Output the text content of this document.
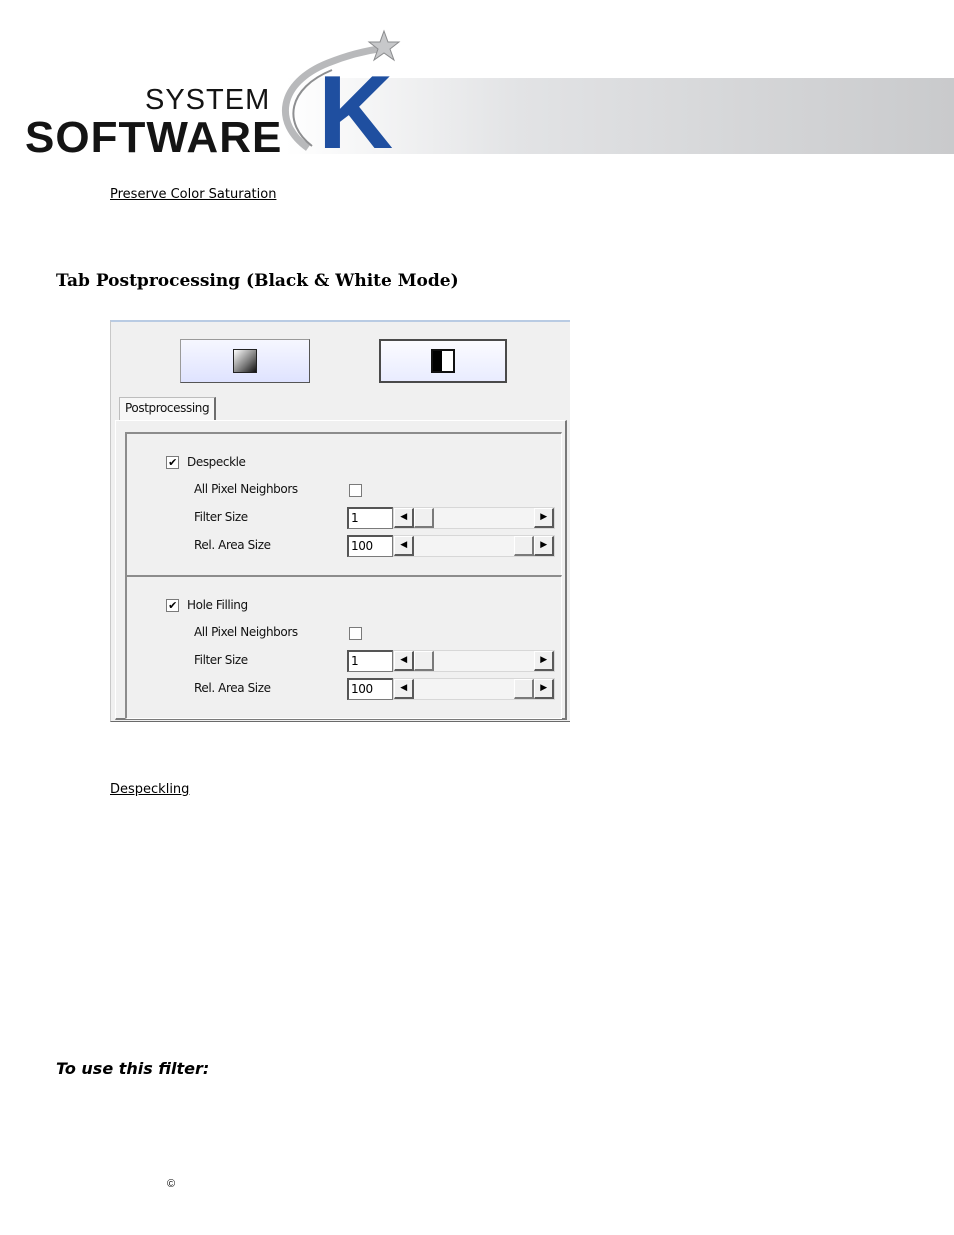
SYSTEM
SOFTWARE K
Preserve Color Saturation
Tab Postprocessing (Black & White Mode)
Postprocessing
✔ Despeckle
All Pixel Neighbors
Filter Size	1	◀	▶
Rel. Area Size	100	◀	▶
✔ Hole Filling
All Pixel Neighbors
Filter Size	1	◀	▶
Rel. Area Size	100	◀	▶
Despeckling
To use this filter:
©
